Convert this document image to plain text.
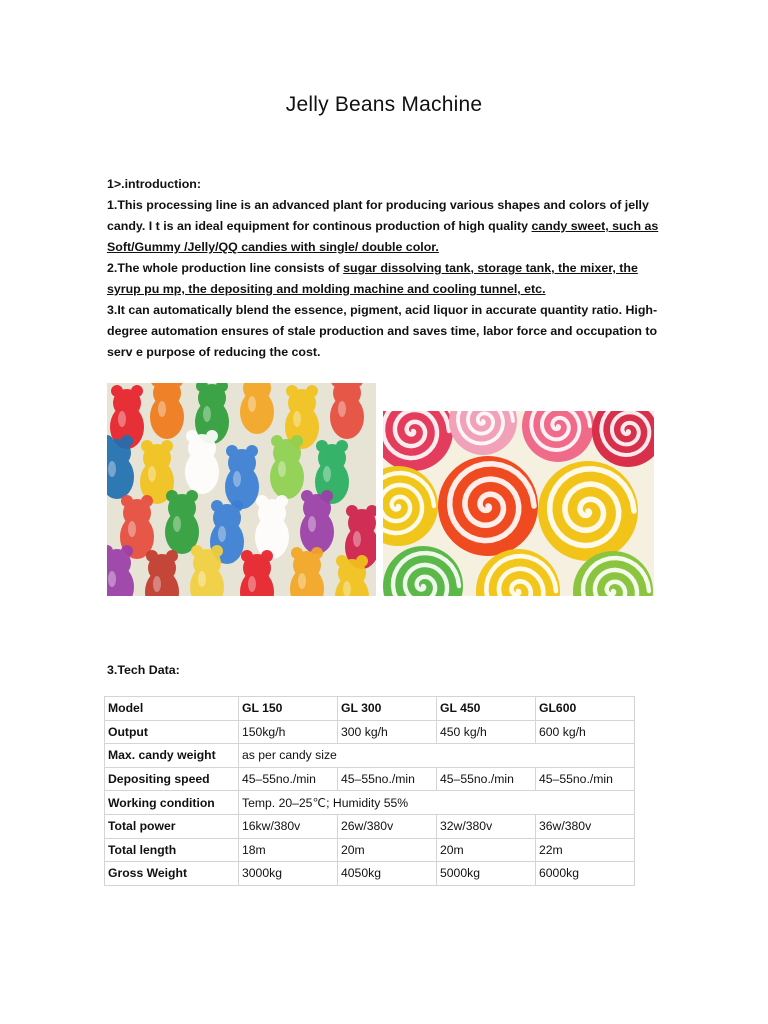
Jelly Beans Machine

1>.introduction:

1.This processing line is an advanced plant for producing various shapes and colors of jelly candy. I t is an ideal equipment for continous production of high quality candy sweet, such as Soft/Gummy /Jelly/QQ candies with single/ double color.

2.The whole production line consists of sugar dissolving tank, storage tank, the mixer, the syrup pu mp, the depositing and molding machine and cooling tunnel, etc.

3.It can automatically blend the essence, pigment, acid liquor in accurate quantity ratio. High-degree automation ensures of stale production and saves time, labor force and occupation to serv e purpose of reducing the cost.

3.Tech Data:
Model	GL 150	GL 300	GL 450	GL600
Output	150kg/h	300 kg/h	450 kg/h	600 kg/h
Max. candy weight	as per candy size			
Depositing speed	45–55no./min	45–55no./min	45–55no./min	45–55no./min
Working condition	Temp. 20–25℃; Humidity 55%			
Total power	16kw/380v	26w/380v	32w/380v	36w/380v
Total length	18m	20m	20m	22m
Gross Weight	3000kg	4050kg	5000kg	6000kg
